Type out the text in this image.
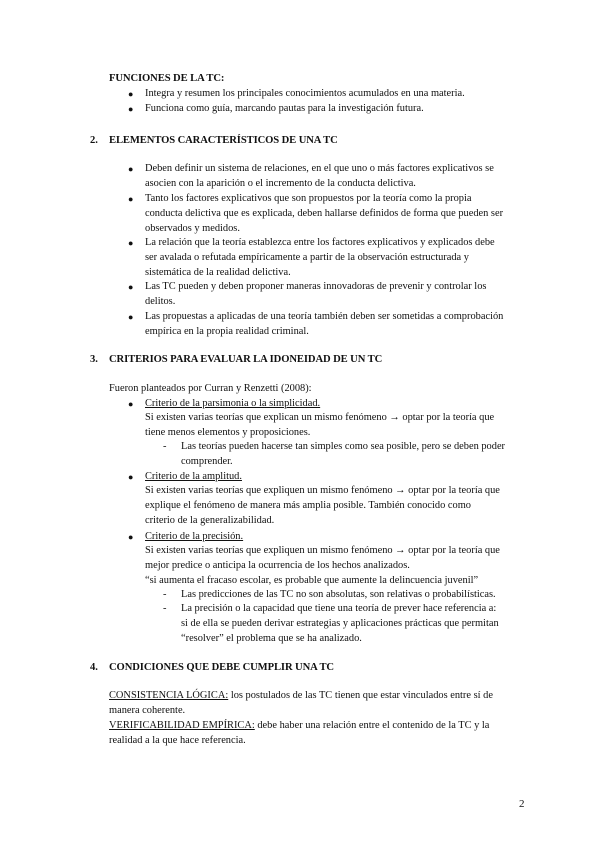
FUNCIONES DE LA TC:
● Integra y resumen los principales conocimientos acumulados en una materia.
● Funciona como guía, marcando pautas para la investigación futura.
2. ELEMENTOS CARACTERÍSTICOS DE UNA TC
● Deben definir un sistema de relaciones, en el que uno o más factores explicativos se
asocien con la aparición o el incremento de la conducta delictiva.
● Tanto los factores explicativos que son propuestos por la teoría como la propia
conducta delictiva que es explicada, deben hallarse definidos de forma que pueden ser
observados y medidos.
● La relación que la teoría establezca entre los factores explicativos y explicados debe
ser avalada o refutada empíricamente a partir de la observación estructurada y
sistemática de la realidad delictiva.
● Las TC pueden y deben proponer maneras innovadoras de prevenir y controlar los
delitos.
● Las propuestas a aplicadas de una teoría también deben ser sometidas a comprobación
empírica en la propia realidad criminal.
3. CRITERIOS PARA EVALUAR LA IDONEIDAD DE UN TC
Fueron planteados por Curran y Renzetti (2008):
● Criterio de la parsimonia o la simplicidad.
Si existen varias teorías que explican un mismo fenómeno → optar por la teoría que
tiene menos elementos y proposiciones.
- Las teorías pueden hacerse tan simples como sea posible, pero se deben poder
comprender.
● Criterio de la amplitud.
Si existen varias teorías que expliquen un mismo fenómeno → optar por la teoría que
explique el fenómeno de manera más amplia posible. También conocido como
criterio de la generalizabilidad.
● Criterio de la precisión.
Si existen varias teorías que expliquen un mismo fenómeno → optar por la teoría que
mejor predice o anticipa la ocurrencia de los hechos analizados.
“si aumenta el fracaso escolar, es probable que aumente la delincuencia juvenil”
- Las predicciones de las TC no son absolutas, son relativas o probabilísticas.
- La precisión o la capacidad que tiene una teoría de prever hace referencia a:
si de ella se pueden derivar estrategias y aplicaciones prácticas que permitan
“resolver” el problema que se ha analizado.
4. CONDICIONES QUE DEBE CUMPLIR UNA TC
CONSISTENCIA LÓGICA: los postulados de las TC tienen que estar vinculados entre sí de
manera coherente.
VERIFICABILIDAD EMPÍRICA: debe haber una relación entre el contenido de la TC y la
realidad a la que hace referencia.
2
